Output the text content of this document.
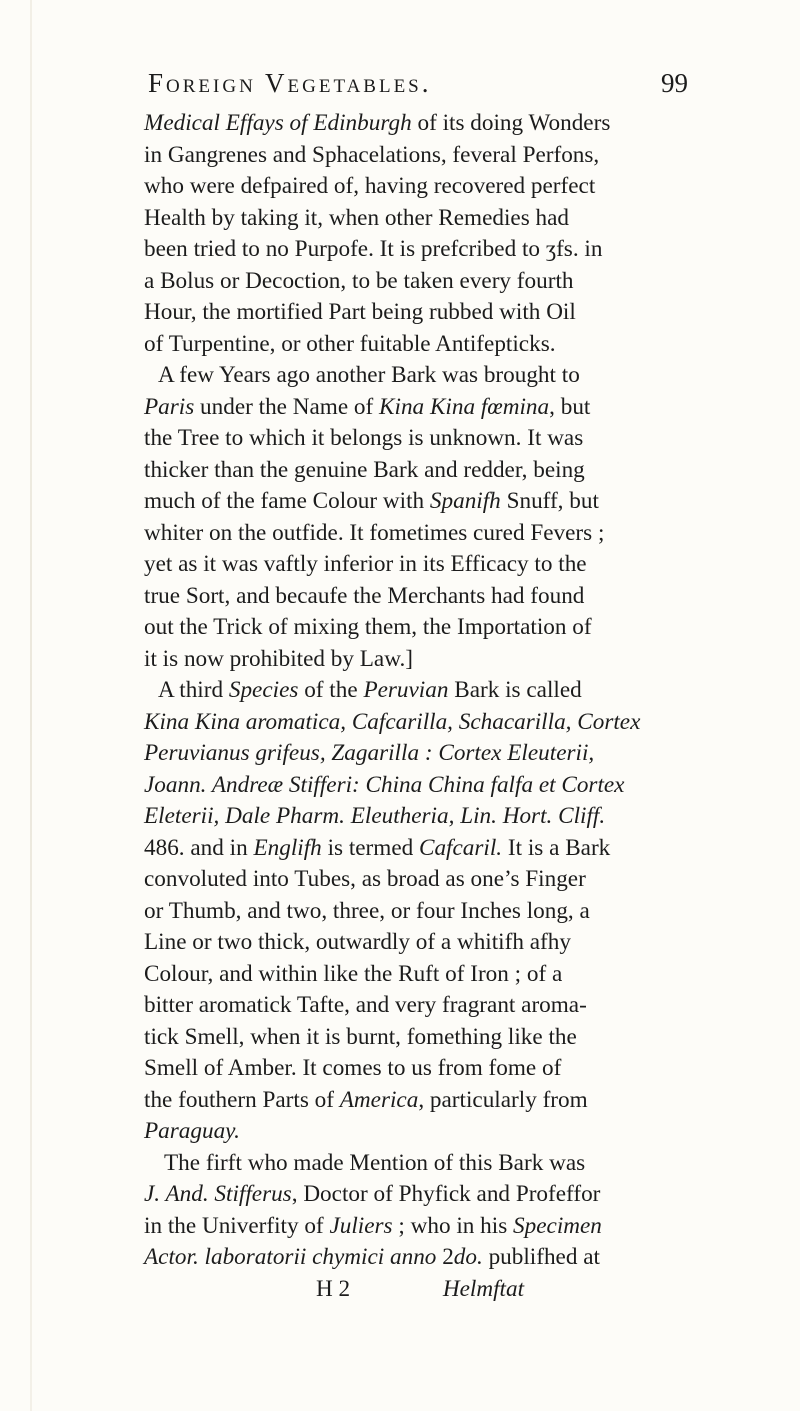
Foreign Vegetables.	99
Medical Effays of Edinburgh of its doing Wonders
in Gangrenes and Sphacelations, feveral Perfons,
who were defpaired of, having recovered perfect
Health by taking it, when other Remedies had
been tried to no Purpofe. It is prefcribed to ʒfs. in
a Bolus or Decoction, to be taken every fourth
Hour, the mortified Part being rubbed with Oil
of Turpentine, or other fuitable Antifepticks.
A few Years ago another Bark was brought to
Paris under the Name of Kina Kina fœmina, but
the Tree to which it belongs is unknown. It was
thicker than the genuine Bark and redder, being
much of the fame Colour with Spanifh Snuff, but
whiter on the outfide. It fometimes cured Fevers ;
yet as it was vaftly inferior in its Efficacy to the
true Sort, and becaufe the Merchants had found
out the Trick of mixing them, the Importation of
it is now prohibited by Law.]
A third Species of the Peruvian Bark is called
Kina Kina aromatica, Cafcarilla, Schacarilla, Cortex
Peruvianus grifeus, Zagarilla : Cortex Eleuterii,
Joann. Andreæ Stifferi: China China falfa et Cortex
Eleterii, Dale Pharm. Eleutheria, Lin. Hort. Cliff.
486. and in Englifh is termed Cafcaril. It is a Bark
convoluted into Tubes, as broad as one’s Finger
or Thumb, and two, three, or four Inches long, a
Line or two thick, outwardly of a whitifh afhy
Colour, and within like the Ruft of Iron ; of a
bitter aromatick Tafte, and very fragrant aroma-
tick Smell, when it is burnt, fomething like the
Smell of Amber. It comes to us from fome of
the fouthern Parts of America, particularly from
Paraguay.
The firft who made Mention of this Bark was
J. And. Stifferus, Doctor of Phyfick and Profeffor
in the Univerfity of Juliers ; who in his Specimen
Actor. laboratorii chymici anno 2do. publifhed at
H 2	Helmftat
